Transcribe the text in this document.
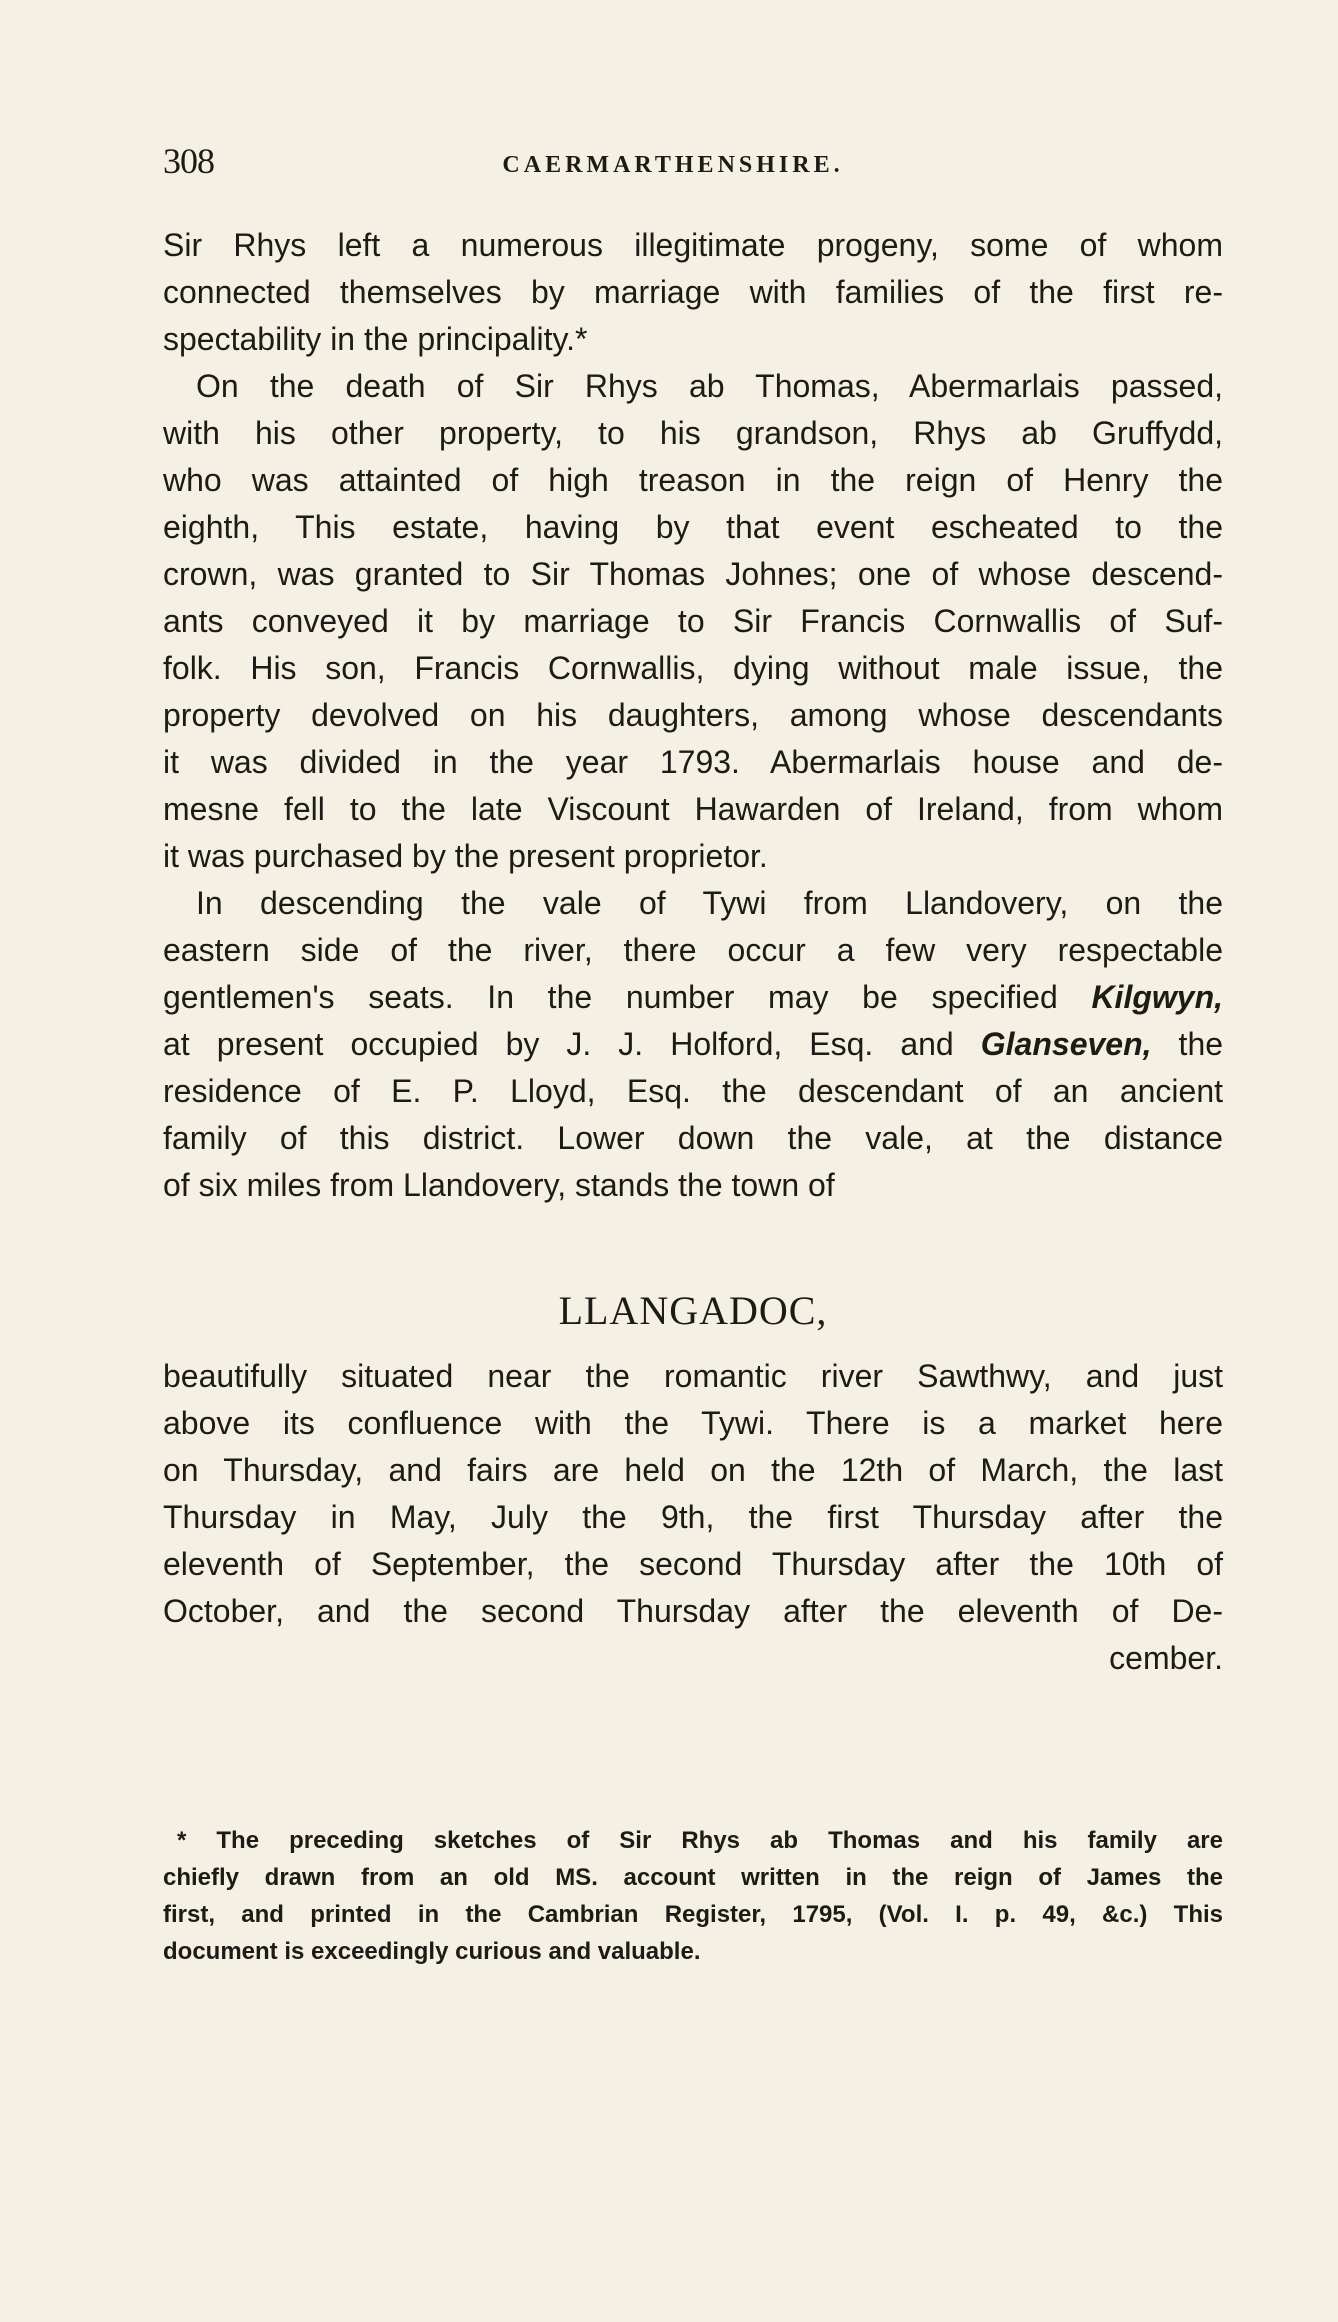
308	CAERMARTHENSHIRE.
Sir Rhys left a numerous illegitimate progeny, some of whom
connected themselves by marriage with families of the first re-
spectability in the principality.*
On the death of Sir Rhys ab Thomas, Abermarlais passed,
with his other property, to his grandson, Rhys ab Gruffydd,
who was attainted of high treason in the reign of Henry the
eighth, This estate, having by that event escheated to the
crown, was granted to Sir Thomas Johnes; one of whose descend-
ants conveyed it by marriage to Sir Francis Cornwallis of Suf-
folk. His son, Francis Cornwallis, dying without male issue, the
property devolved on his daughters, among whose descendants
it was divided in the year 1793. Abermarlais house and de-
mesne fell to the late Viscount Hawarden of Ireland, from whom
it was purchased by the present proprietor.
In descending the vale of Tywi from Llandovery, on the
eastern side of the river, there occur a few very respectable
gentlemen's seats. In the number may be specified Kilgwyn,
at present occupied by J. J. Holford, Esq. and Glanseven, the
residence of E. P. Lloyd, Esq. the descendant of an ancient
family of this district. Lower down the vale, at the distance
of six miles from Llandovery, stands the town of
LLANGADOC,
beautifully situated near the romantic river Sawthwy, and just
above its confluence with the Tywi. There is a market here
on Thursday, and fairs are held on the 12th of March, the last
Thursday in May, July the 9th, the first Thursday after the
eleventh of September, the second Thursday after the 10th of
October, and the second Thursday after the eleventh of De-
cember.
* The preceding sketches of Sir Rhys ab Thomas and his family are
chiefly drawn from an old MS. account written in the reign of James the
first, and printed in the Cambrian Register, 1795, (Vol. I. p. 49, &c.) This
document is exceedingly curious and valuable.
